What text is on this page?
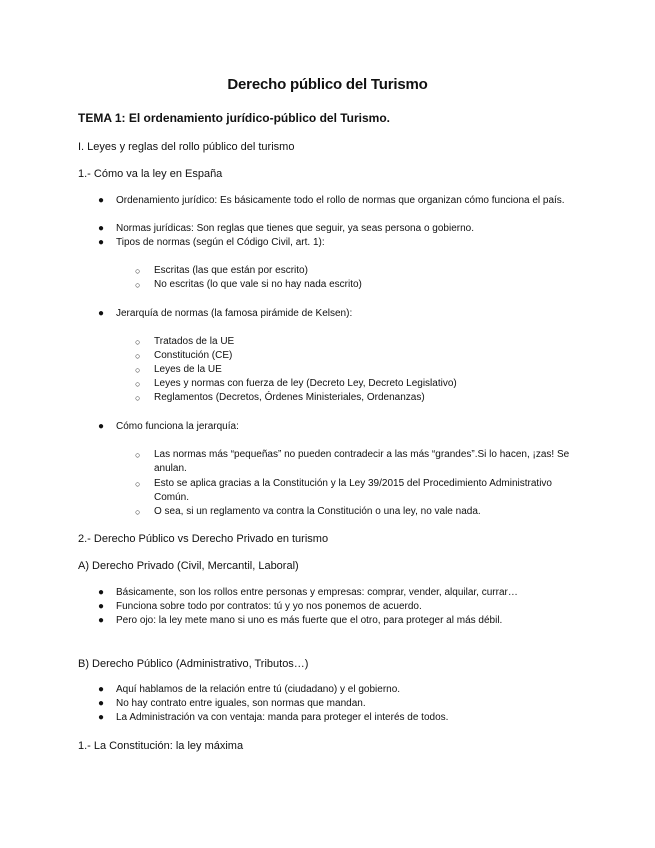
Derecho público del Turismo
TEMA 1: El ordenamiento jurídico-público del Turismo.
I. Leyes y reglas del rollo público del turismo
1.- Cómo va la ley en España
● Ordenamiento jurídico: Es básicamente todo el rollo de normas que organizan cómo funciona el país.
● Normas jurídicas: Son reglas que tienes que seguir, ya seas persona o gobierno.
● Tipos de normas (según el Código Civil, art. 1):
○ Escritas (las que están por escrito)
○ No escritas (lo que vale si no hay nada escrito)
● Jerarquía de normas (la famosa pirámide de Kelsen):
○ Tratados de la UE
○ Constitución (CE)
○ Leyes de la UE
○ Leyes y normas con fuerza de ley (Decreto Ley, Decreto Legislativo)
○ Reglamentos (Decretos, Órdenes Ministeriales, Ordenanzas)
● Cómo funciona la jerarquía:
○ Las normas más “pequeñas” no pueden contradecir a las más “grandes”.Si lo hacen, ¡zas! Se anulan.
○ Esto se aplica gracias a la Constitución y la Ley 39/2015 del Procedimiento Administrativo Común.
○ O sea, si un reglamento va contra la Constitución o una ley, no vale nada.
2.- Derecho Público vs Derecho Privado en turismo
A) Derecho Privado (Civil, Mercantil, Laboral)
● Básicamente, son los rollos entre personas y empresas: comprar, vender, alquilar, currar…
● Funciona sobre todo por contratos: tú y yo nos ponemos de acuerdo.
● Pero ojo: la ley mete mano si uno es más fuerte que el otro, para proteger al más débil.
B) Derecho Público (Administrativo, Tributos…)
● Aquí hablamos de la relación entre tú (ciudadano) y el gobierno.
● No hay contrato entre iguales, son normas que mandan.
● La Administración va con ventaja: manda para proteger el interés de todos.
1.- La Constitución: la ley máxima
